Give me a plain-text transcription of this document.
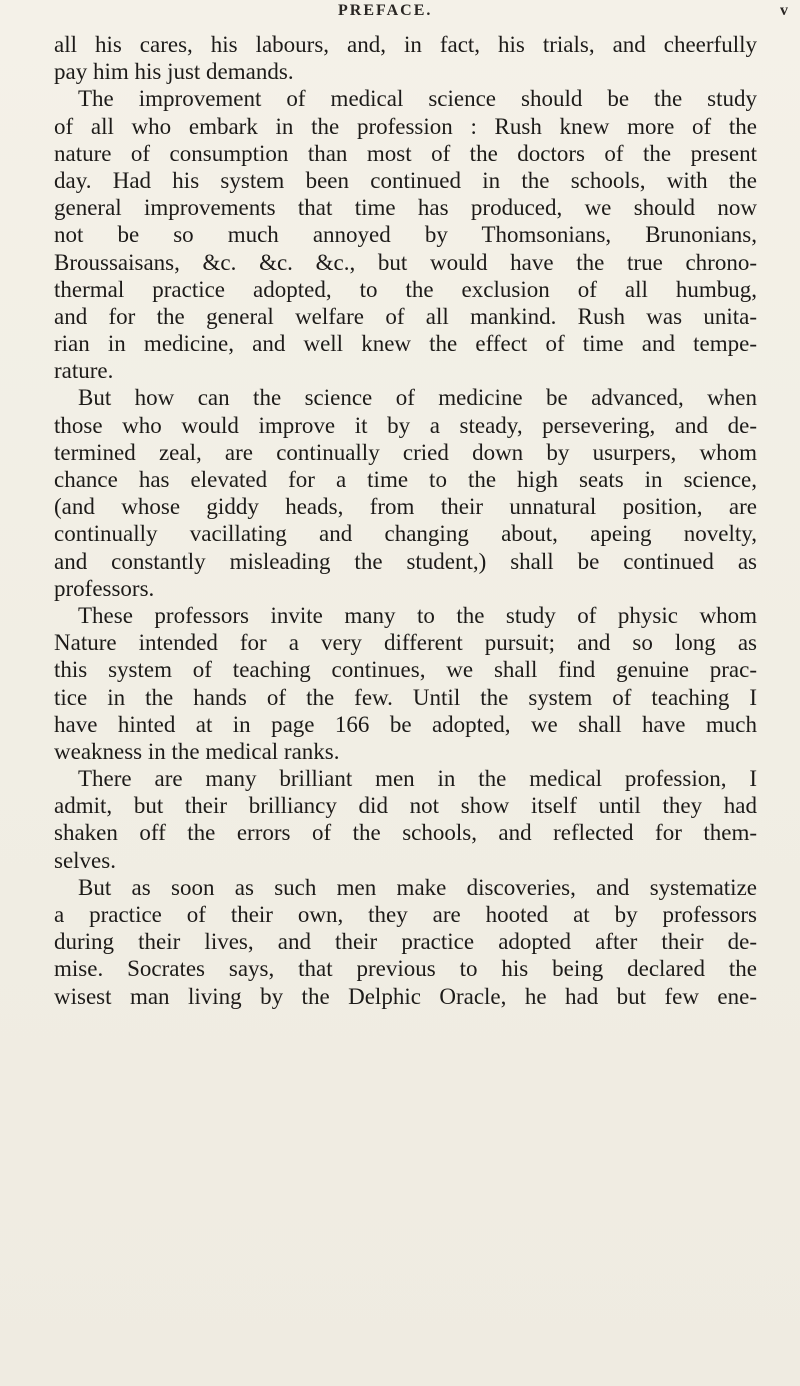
PREFACE.	v
all his cares, his labours, and, in fact, his trials, and cheerfully
pay him his just demands.
The improvement of medical science should be the study
of all who embark in the profession : Rush knew more of the
nature of consumption than most of the doctors of the present
day. Had his system been continued in the schools, with the
general improvements that time has produced, we should now
not be so much annoyed by Thomsonians, Brunonians,
Broussaisans, &c. &c. &c., but would have the true chrono-
thermal practice adopted, to the exclusion of all humbug,
and for the general welfare of all mankind. Rush was unita-
rian in medicine, and well knew the effect of time and tempe-
rature.
But how can the science of medicine be advanced, when
those who would improve it by a steady, persevering, and de-
termined zeal, are continually cried down by usurpers, whom
chance has elevated for a time to the high seats in science,
(and whose giddy heads, from their unnatural position, are
continually vacillating and changing about, apeing novelty,
and constantly misleading the student,) shall be continued as
professors.
These professors invite many to the study of physic whom
Nature intended for a very different pursuit; and so long as
this system of teaching continues, we shall find genuine prac-
tice in the hands of the few. Until the system of teaching I
have hinted at in page 166 be adopted, we shall have much
weakness in the medical ranks.
There are many brilliant men in the medical profession, I
admit, but their brilliancy did not show itself until they had
shaken off the errors of the schools, and reflected for them-
selves.
But as soon as such men make discoveries, and systematize
a practice of their own, they are hooted at by professors
during their lives, and their practice adopted after their de-
mise. Socrates says, that previous to his being declared the
wisest man living by the Delphic Oracle, he had but few ene-
